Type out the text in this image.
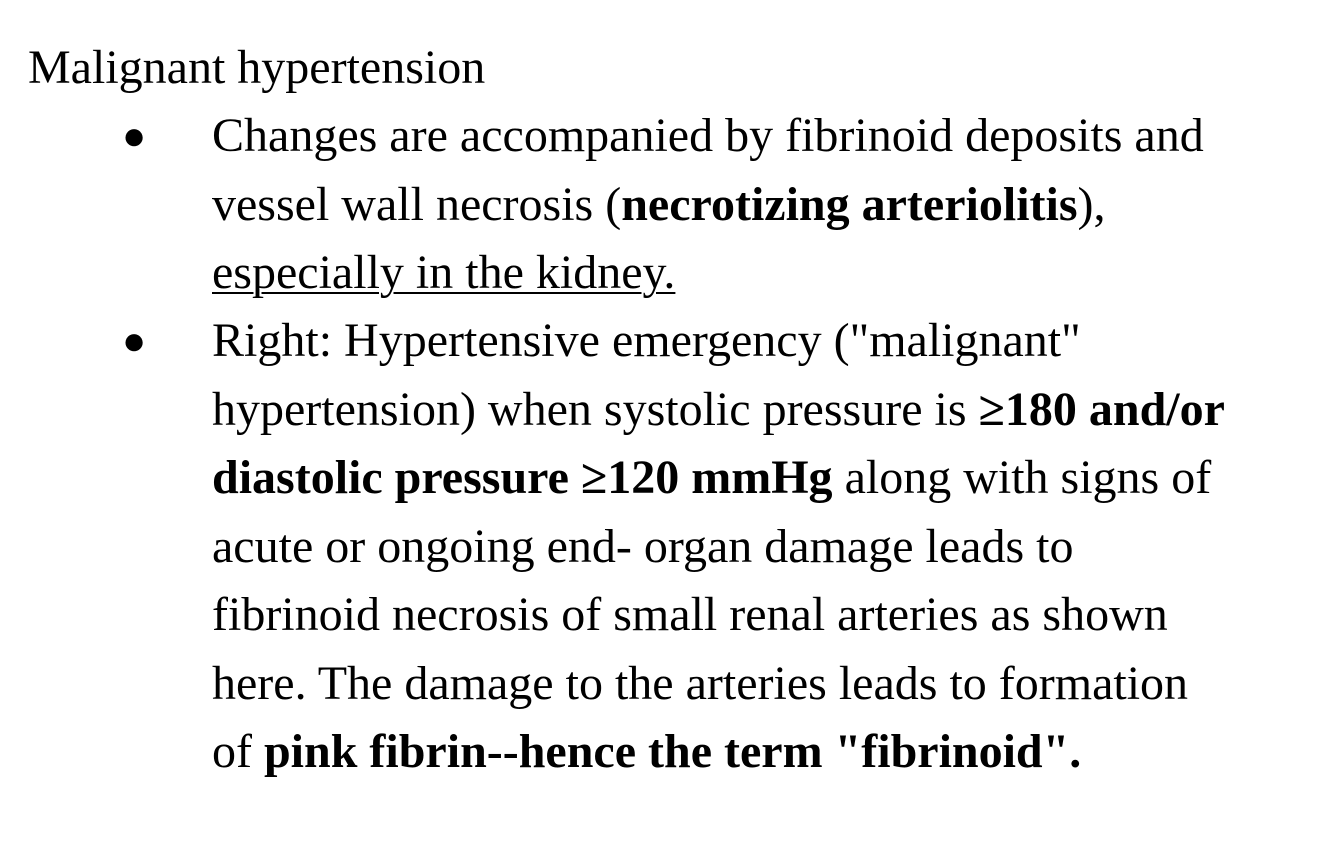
Malignant hypertension
● Changes are accompanied by fibrinoid deposits and
vessel wall necrosis (necrotizing arteriolitis),
especially in the kidney.
● Right: Hypertensive emergency ("malignant"
hypertension) when systolic pressure is ≥180 and/or
diastolic pressure ≥120 mmHg along with signs of
acute or ongoing end- organ damage leads to
fibrinoid necrosis of small renal arteries as shown
here. The damage to the arteries leads to formation
of pink fibrin--hence the term "fibrinoid".
